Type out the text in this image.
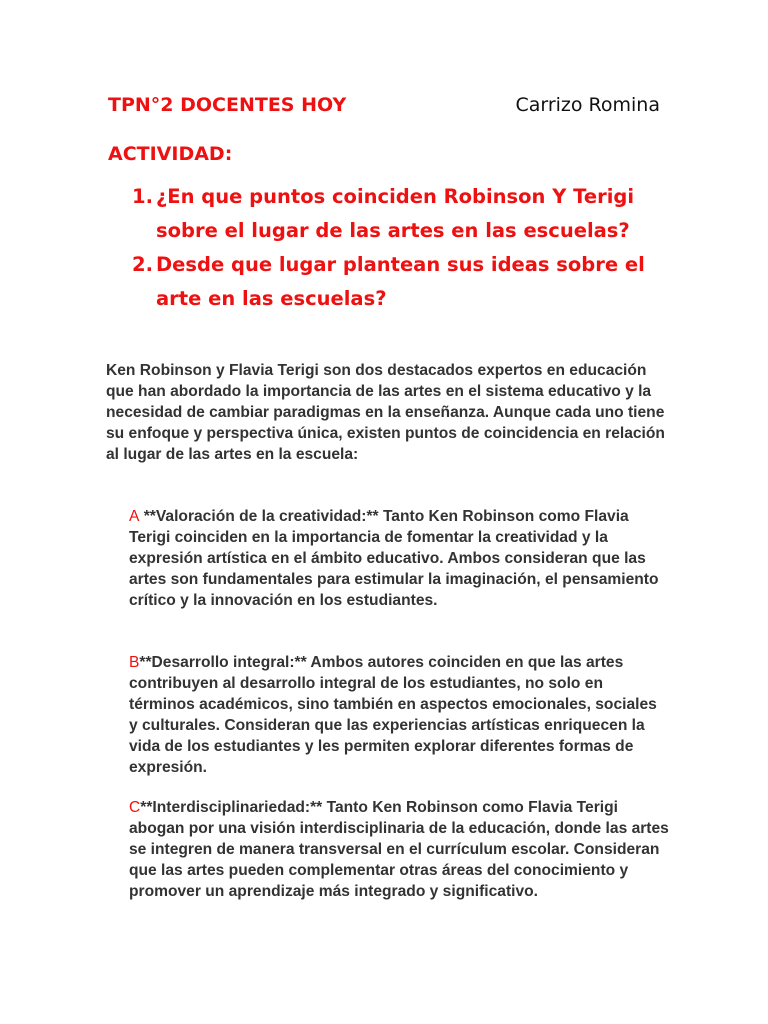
TPN°2 DOCENTES HOY	Carrizo Romina
ACTIVIDAD:
1. ¿En que puntos coinciden Robinson Y Terigi sobre el lugar de las artes en las escuelas?
2. Desde que lugar plantean sus ideas sobre el arte en las escuelas?

Ken Robinson y Flavia Terigi son dos destacados expertos en educación que han abordado la importancia de las artes en el sistema educativo y la necesidad de cambiar paradigmas en la enseñanza. Aunque cada uno tiene su enfoque y perspectiva única, existen puntos de coincidencia en relación al lugar de las artes en la escuela:

A **Valoración de la creatividad:** Tanto Ken Robinson como Flavia Terigi coinciden en la importancia de fomentar la creatividad y la expresión artística en el ámbito educativo. Ambos consideran que las artes son fundamentales para estimular la imaginación, el pensamiento crítico y la innovación en los estudiantes.

B**Desarrollo integral:** Ambos autores coinciden en que las artes contribuyen al desarrollo integral de los estudiantes, no solo en términos académicos, sino también en aspectos emocionales, sociales y culturales. Consideran que las experiencias artísticas enriquecen la vida de los estudiantes y les permiten explorar diferentes formas de expresión.

C**Interdisciplinariedad:** Tanto Ken Robinson como Flavia Terigi abogan por una visión interdisciplinaria de la educación, donde las artes se integren de manera transversal en el currículum escolar. Consideran que las artes pueden complementar otras áreas del conocimiento y promover un aprendizaje más integrado y significativo.
